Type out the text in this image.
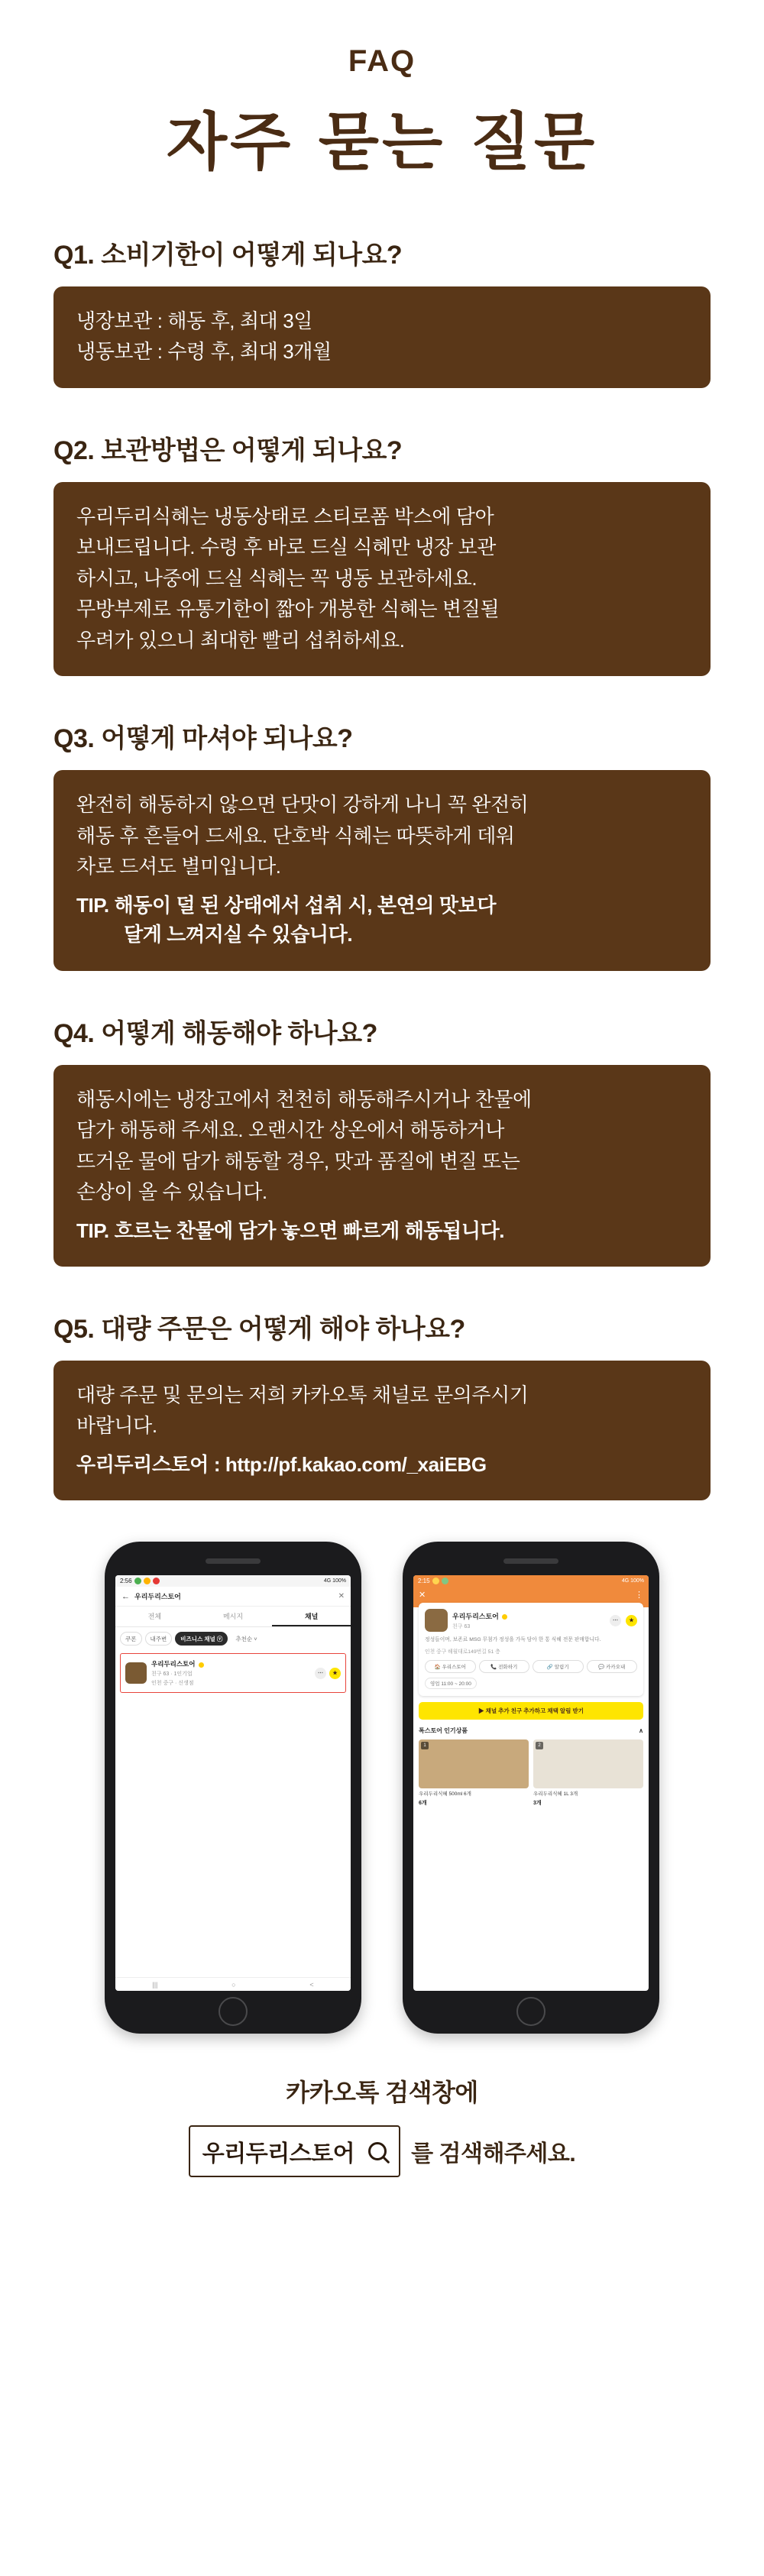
FAQ
자주 묻는 질문
Q1. 소비기한이 어떻게 되나요?

냉장보관 : 해동 후, 최대 3일

냉동보관 : 수령 후, 최대 3개월

Q2. 보관방법은 어떻게 되나요?

우리두리식혜는 냉동상태로 스티로폼 박스에 담아

보내드립니다. 수령 후 바로 드실 식혜만 냉장 보관

하시고, 나중에 드실 식혜는 꼭 냉동 보관하세요.

무방부제로 유통기한이 짧아 개봉한 식혜는 변질될

우려가 있으니 최대한 빨리 섭취하세요.

Q3. 어떻게 마셔야 되나요?

완전히 해동하지 않으면 단맛이 강하게 나니 꼭 완전히

해동 후 흔들어 드세요. 단호박 식혜는 따뜻하게 데워

차로 드셔도 별미입니다.

TIP. 해동이 덜 된 상태에서 섭취 시, 본연의 맛보다
달게 느껴지실 수 있습니다.
Q4. 어떻게 해동해야 하나요?

해동시에는 냉장고에서 천천히 해동해주시거나 찬물에

담가 해동해 주세요. 오랜시간 상온에서 해동하거나

뜨거운 물에 담가 해동할 경우, 맛과 품질에 변질 또는

손상이 올 수 있습니다.

TIP. 흐르는 찬물에 담가 놓으면 빠르게 해동됩니다.
Q5. 대량 주문은 어떻게 해야 하나요?

대량 주문 및 문의는 저희 카카오톡 채널로 문의주시기

바랍니다.

우리두리스토어 : http://pf.kakao.com/_xaiEBG
2:56	4G 100%
← 우리두리스토어	✕
전체	메시지	채널
쿠폰	내주변	비즈니스 채널 ⓥ	추천순 ˅
우리두리스토어
친구 63 · 1인기업
인천 중구 · 신생점
⋯	★
|||	○	<
2:15	4G 100%
✕	⋮
우리두리스토어
친구 63
⋯	★
정성들이며, 보존료 MSG 무첨가 정성을 가득 담아 한 통 식혜 전문 판매합니다.
인천 중구 해월대로149번길 51 층
🏠 우리스토어	📞 전화하기	🔗 알림기	💬 카카오내
영업 11:00 ~ 20:00
▶ 채널 추가 친구 추가하고 채택 알림 받기
톡스토어 인기상품	∧
1
우리두리식혜 500ml 6개
6개
2
우리두리식혜 1L 3개
3개
카카오톡 검색창에
우리두리스토어 를 검색해주세요.
